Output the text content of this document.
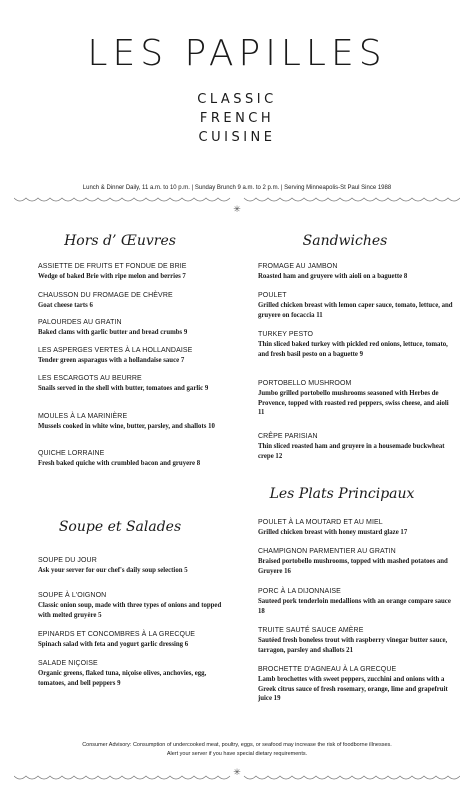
LES PAPILLES
CLASSIC
FRENCH
CUISINE
Lunch & Dinner Daily, 11 a.m. to 10 p.m. | Sunday Brunch 9 a.m. to 2 p.m. | Serving Minneapolis-St Paul Since 1988
✳
Hors d’ Œuvres	Sandwiches
Soupe et Salades
Les Plats Principaux
ASSIETTE DE FRUITS ET FONDUE DE BRIE
Wedge of baked Brie with ripe melon and berries 7
CHAUSSON DU FROMAGE DE CHÈVRE
Goat cheese tarts 6
PALOURDES AU GRATIN
Baked clams with garlic butter and bread crumbs 9
LES ASPERGES VERTES À LA HOLLANDAISE
Tender green asparagus with a hollandaise sauce 7
LES ESCARGOTS AU BEURRE
Snails served in the shell with butter, tomatoes and garlic 9
MOULES À LA MARINIÈRE
Mussels cooked in white wine, butter, parsley, and shallots 10
QUICHE LORRAINE
Fresh baked quiche with crumbled bacon and gruyere 8
SOUPE DU JOUR
Ask your server for our chef's daily soup selection 5
SOUPE À L'OIGNON
Classic onion soup, made with three types of onions and topped with melted gruyère 5
EPINARDS ET CONCOMBRES À LA GRECQUE
Spinach salad with feta and yogurt garlic dressing 6
SALADE NIÇOISE
Organic greens, flaked tuna, niçoise olives, anchovies, egg, tomatoes, and bell peppers 9
FROMAGE AU JAMBON
Roasted ham and gruyere with aioli on a baguette 8
POULET
Grilled chicken breast with lemon caper sauce, tomato, lettuce, and gruyere on focaccia 11
TURKEY PESTO
Thin sliced baked turkey with pickled red onions, lettuce, tomato, and fresh basil pesto on a baguette 9
PORTOBELLO MUSHROOM
Jumbo grilled portobello mushrooms seasoned with Herbes de Provence, topped with roasted red peppers, swiss cheese, and aioli 11
CRÊPE PARISIAN
Thin sliced roasted ham and gruyere in a housemade buckwheat crepe 12
POULET À LA MOUTARD ET AU MIEL
Grilled chicken breast with honey mustard glaze 17
CHAMPIGNON PARMENTIER AU GRATIN
Braised portobello mushrooms, topped with mashed potatoes and Gruyere 16
PORC À LA DIJONNAISE
Sauteed pork tenderloin medallions with an orange compare sauce 18
TRUITE SAUTÉ SAUCE AMÈRE
Sautéed fresh boneless trout with raspberry vinegar butter sauce, tarragon, parsley and shallots 21
BROCHETTE D'AGNEAU À LA GRECQUE
Lamb brochettes with sweet peppers, zucchini and onions with a Greek citrus sauce of fresh rosemary, orange, lime and grapefruit juice 19
Consumer Advisory: Consumption of undercooked meat, poultry, eggs, or seafood may increase the risk of foodborne illnesses.
Alert your server if you have special dietary requirements.
✳
